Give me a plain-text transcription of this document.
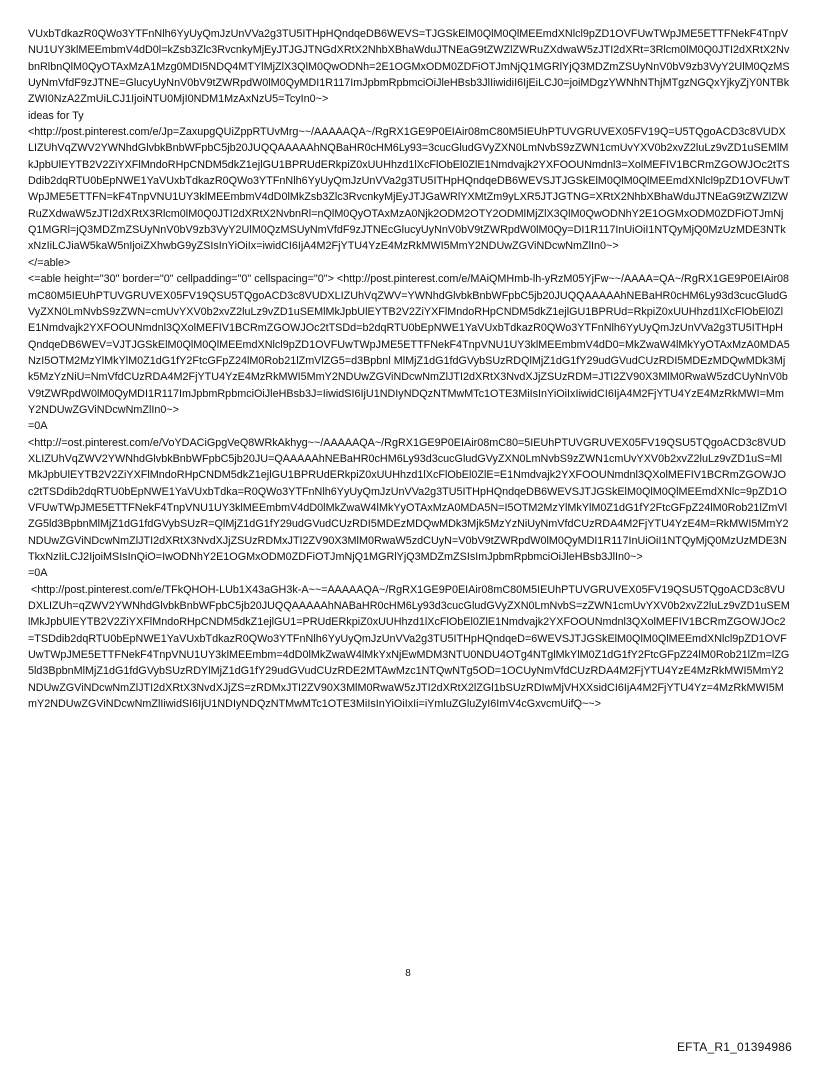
VUxbTdkazR0QWo3YTFnNlh6YyUyQmJzUnVVa2g3TU5ITHpHQndqeDB6WEVS=TJGSkElM0QlM0QlMEEmdXNlcl9pZD1OVFUwTWpJME5ETTFNekF4TnpVNU1UY3klMEEmbmV4dD0l=kZsb3Zlc3RvcnkyMjEyJTJGJTNGdXRtX2NhbXBhaWduJTNEaG9tZWZlZWRuZXdwaW5zJTI2dXRt=3Rlcm0lM0Q0JTI2dXRtX2NvbnRlbnQlM0QyOTAxMzA1Mzg0MDI5NDQ4MTYlMjZlX3QlM0QwODNh=2E1OGMxODM0ZDFiOTJmNjQ1MGRlYjQ3MDZmZSUyNnV0bV9zb3VyY2UlM0QzMSUyNmVfdF9zJTNE=GlucyUyNnV0bV9tZWRpdW0lM0QyMDI1R117ImJpbmRpbmciOiJleHBsb3JlIiwidiI6IjEiLCJ0=joiMDgzYWNhNThjMTgzNGQxYjkyZjY0NTBkZWI0NzA2ZmUiLCJ1IjoiNTU0MjI0NDM1MzAxNzU5=TcyIn0~>

ideas for Ty

<http://post.pinterest.com/e/Jp=ZaxupgQUiZppRTUvMrg~~/AAAAAQA~/RgRX1GE9P0EIAir08mC80M5IEUhPTUVGRUVEX05FV19Q=U5TQgoACD3c8VUDXLIZUhVqZWV2YWNhdGlvbkBnbWFpbC5jb20JUQQAAAAAhNQBaHR0cHM6Ly93=3cucGludGVyZXN0LmNvbS9zZWN1cmUvYXV0b2xvZ2luLz9vZD1uSEMlMkJpbUlEYTB2V2ZiYXFlMndoRHpCNDM5dkZ1ejlGU1BPRUdERkpiZ0xUUHhzd1lXcFlObEl0ZlE1Nmdvajk2YXFOOUNmdnl3=XolMEFIV1BCRmZGOWJOc2tTSDdib2dqRTU0bEpNWE1YaVUxbTdkazR0QWo3YTFnNlh6YyUyQmJzUnVVa2g3TU5ITHpHQndqeDB6WEVSJTJGSkElM0QlM0QlMEEmdXNlcl9pZD1OVFUwTWpJME5ETTFN=kF4TnpVNU1UY3klMEEmbmV4dD0lMkZsb3Zlc3RvcnkyMjEyJTJGaWRlYXMtZm9yLXR5JTJGTNG=XRtX2NhbXBhaWduJTNEaG9tZWZlZWRuZXdwaW5zJTI2dXRtX3Rlcm0lM0Q0JTI2dXRtX2NvbnRl=nQlM0QyOTAxMzA0Njk2ODM2OTY2ODMlMjZlX3QlM0QwODNhY2E1OGMxODM0ZDFiOTJmNjQ1MGRl=jQ3MDZmZSUyNnV0bV9zb3VyY2UlM0QzMSUyNmVfdF9zJTNEcGlucyUyNnV0bV9tZWRpdW0lM0Qy=DI1R117InUiOiI1NTQyMjQ0MzUzMDE3NTkxNzIiLCJiaW5kaW5nIjoiZXhwbG9yZSIsInYiOiIx=iwidCI6IjA4M2FjYTU4YzE4MzRkMWI5MmY2NDUwZGViNDcwNmZlIn0~>

</=able>

<=able height="30" border="0" cellpadding="0" cellspacing="0"> <http://post.pinterest.com/e/MAiQMHmb-lh-yRzM05YjFw~~/AAAA=QA~/RgRX1GE9P0EIAir08mC80M5IEUhPTUVGRUVEX05FV19QSU5TQgoACD3c8VUDXLIZUhVqZWV=YWNhdGlvbkBnbWFpbC5jb20JUQQAAAAAhNEBaHR0cHM6Ly93d3cucGludGVyZXN0LmNvbS9zZWN=cmUvYXV0b2xvZ2luLz9vZD1uSEMlMkJpbUlEYTB2V2ZiYXFlMndoRHpCNDM5dkZ1ejlGU1BPRUd=RkpiZ0xUUHhzd1lXcFlObEl0ZlE1Nmdvajk2YXFOOUNmdnl3QXolMEFIV1BCRmZGOWJOc2tTSDd=b2dqRTU0bEpNWE1YaVUxbTdkazR0QWo3YTFnNlh6YyUyQmJzUnVVa2g3TU5ITHpHQndqeDB6WEV=VJTJGSkElM0QlM0QlMEEmdXNlcl9pZD1OVFUwTWpJME5ETTFNekF4TnpVNU1UY3klMEEmbmV4dD0=MkZwaW4lMkYyOTAxMzA0MDA5NzI5OTM2MzYlMkYlM0Z1dG1fY2FtcGFpZ24lM0Rob21lZmVlZG5=d3Bpbnl MlMjZ1dG1fdGVybSUzRDQlMjZ1dG1fY29udGVudCUzRDI5MDEzMDQwMDk3Mjk5MzYzNiU=NmVfdCUzRDA4M2FjYTU4YzE4MzRkMWI5MmY2NDUwZGViNDcwNmZlJTI2dXRtX3NvdXJjZSUzRDM=JTI2ZV90X3MlM0RwaW5zdCUyNnV0bV9tZWRpdW0lM0QyMDI1R117ImJpbmRpbmciOiJleHBsb3J=IiwidSI6IjU1NDIyNDQzNTMwMTc1OTE3MiIsInYiOiIxIiwidCI6IjA4M2FjYTU4YzE4MzRkMWI=MmY2NDUwZGViNDcwNmZlIn0~>

=0A

<http://=ost.pinterest.com/e/VoYDACiGpgVeQ8WRkAkhyg~~/AAAAAQA~/RgRX1GE9P0EIAir08mC80=5IEUhPTUVGRUVEX05FV19QSU5TQgoACD3c8VUDXLIZUhVqZWV2YWNhdGlvbkBnbWFpbC5jb20JU=QAAAAAhNEBaHR0cHM6Ly93d3cucGludGVyZXN0LmNvbS9zZWN1cmUvYXV0b2xvZ2luLz9vZD1uS=MlMkJpbUlEYTB2V2ZiYXFlMndoRHpCNDM5dkZ1ejlGU1BPRUdERkpiZ0xUUHhzd1lXcFlObEl0ZlE=E1Nmdvajk2YXFOOUNmdnl3QXolMEFIV1BCRmZGOWJOc2tTSDdib2dqRTU0bEpNWE1YaVUxbTdka=R0QWo3YTFnNlh6YyUyQmJzUnVVa2g3TU5ITHpHQndqeDB6WEVSJTJGSkElM0QlM0QlMEEmdXNlc=9pZD1OVFUwTWpJME5ETTFNekF4TnpVNU1UY3klMEEmbmV4dD0lMkZwaW4lMkYyOTAxMzA0MDA5N=I5OTM2MzYlMkYlM0Z1dG1fY2FtcGFpZ24lM0Rob21lZmVlZG5ld3BpbnMlMjZ1dG1fdGVybSUzR=QlMjZ1dG1fY29udGVudCUzRDI5MDEzMDQwMDk3Mjk5MzYzNiUyNmVfdCUzRDA4M2FjYTU4YzE4M=RkMWI5MmY2NDUwZGViNDcwNmZlJTI2dXRtX3NvdXJjZSUzRDMxJTI2ZV90X3MlM0RwaW5zdCUyN=V0bV9tZWRpdW0lM0QyMDI1R117InUiOiI1NTQyMjQ0MzUzMDE3NTkxNzIiLCJ2IjoiMSIsInQiO=IwODNhY2E1OGMxODM0ZDFiOTJmNjQ1MGRlYjQ3MDZmZSIsImJpbmRpbmciOiJleHBsb3JlIn0~>

=0A

<http://post.pinterest.com/e/TFkQHOH-LUb1X43aGH3k-A~~=AAAAAQA~/RgRX1GE9P0EIAir08mC80M5IEUhPTUVGRUVEX05FV19QSU5TQgoACD3c8VUDXLIZUh=qZWV2YWNhdGlvbkBnbWFpbC5jb20JUQQAAAAAhNABaHR0cHM6Ly93d3cucGludGVyZXN0LmNvbS=zZWN1cmUvYXV0b2xvZ2luLz9vZD1uSEMlMkJpbUlEYTB2V2ZiYXFlMndoRHpCNDM5dkZ1ejlGU1=PRUdERkpiZ0xUUHhzd1lXcFlObEl0ZlE1Nmdvajk2YXFOOUNmdnl3QXolMEFIV1BCRmZGOWJOc2=TSDdib2dqRTU0bEpNWE1YaVUxbTdkazR0QWo3YTFnNlh6YyUyQmJzUnVVa2g3TU5ITHpHQndqeD=6WEVSJTJGSkElM0QlM0QlMEEmdXNlcl9pZD1OVFUwTWpJME5ETTFNekF4TnpVNU1UY3klMEEmbm=4dD0lMkZwaW4lMkYxNjEwMDM3NTU0NDU4OTg4NTglMkYlM0Z1dG1fY2FtcGFpZ24lM0Rob21lZm=lZG5ld3BpbnMlMjZ1dG1fdGVybSUzRDYlMjZ1dG1fY29udGVudCUzRDE2MTAwMzc1NTQwNTg5OD=1OCUyNmVfdCUzRDA4M2FjYTU4YzE4MzRkMWI5MmY2NDUwZGViNDcwNmZlJTI2dXRtX3NvdXJjZS=zRDMxJTI2ZV90X3MlM0RwaW5zJTI2dXRtX2lZGl1bSUzRDIwMjVHXXsidCI6IjA4M2FjYTU4Yz=4MzRkMWI5MmY2NDUwZGViNDcwNmZlIiwidSI6IjU1NDIyNDQzNTMwMTc1OTE3MiIsInYiOiIxIi=iYmluZGluZyI6ImV4cGxvcmUifQ~~>

8
EFTA_R1_01394986
